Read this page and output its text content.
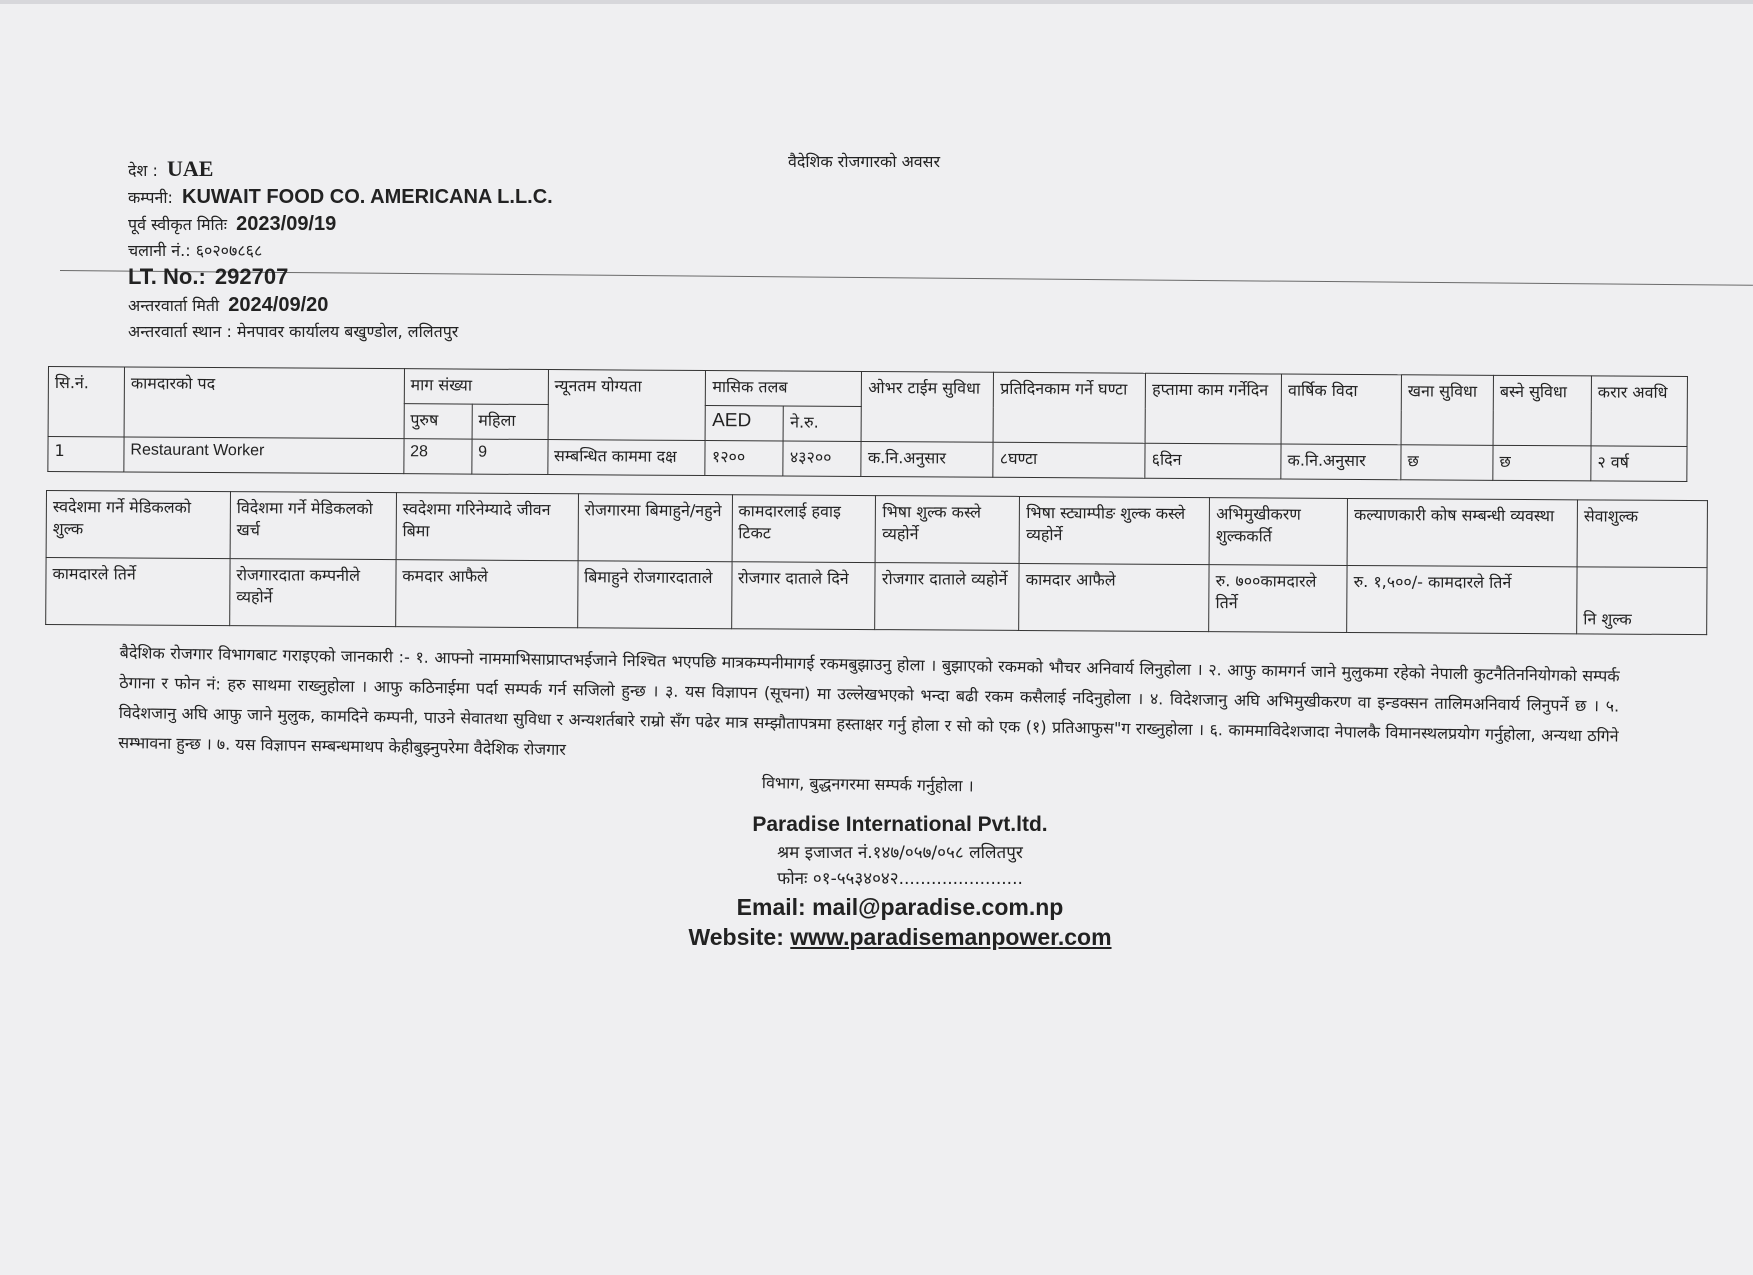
वैदेशिक रोजगारको अवसर
देश : UAE
कम्पनी: KUWAIT FOOD CO. AMERICANA L.L.C.
पूर्व स्वीकृत मितिः 2023/09/19
चलानी नं.: ६०२०७८६८
LT. No.: 292707
अन्तरवार्ता मिती 2024/09/20
अन्तरवार्ता स्थान : मेनपावर कार्यालय बखुण्डोल, ललितपुर
सि.नं.	कामदारको पद	माग संख्या		न्यूनतम योग्यता	मासिक तलब		ओभर टाईम सुविधा	प्रतिदिनकाम गर्ने घण्टा	हप्तामा काम गर्नेदिन	वार्षिक विदा	खना सुविधा	बस्ने सुविधा	करार अवधि
		पुरुष	महिला		AED	ने.रु.							
1	Restaurant Worker	28	9	सम्बन्धित काममा दक्ष	१२००	४३२००	क.नि.अनुसार	८घण्टा	६दिन	क.नि.अनुसार	छ	छ	२ वर्ष
स्वदेशमा गर्ने मेडिकलको शुल्क	विदेशमा गर्ने मेडिकलको खर्च	स्वदेशमा गरिनेम्यादे जीवन बिमा	रोजगारमा बिमाहुने/नहुने	कामदारलाई हवाइ टिकट	भिषा शुल्क कस्ले व्यहोर्ने	भिषा स्ट्याम्पीङ शुल्क कस्ले व्यहोर्ने	अभिमुखीकरण शुल्ककर्ति	कल्याणकारी कोष सम्बन्धी व्यवस्था	सेवाशुल्क
कामदारले तिर्ने	रोजगारदाता कम्पनीले व्यहोर्ने	कमदार आफैले	बिमाहुने रोजगारदाताले	रोजगार दाताले दिने	रोजगार दाताले व्यहोर्ने	कामदार आफैले	रु. ७००कामदारले तिर्ने	रु. १,५००/- कामदारले तिर्ने	नि शुल्क
बैदेशिक रोजगार विभागबाट गराइएको जानकारी :- १. आफ्नो नाममाभिसाप्राप्तभईजाने निश्चित भएपछि मात्रकम्पनीमागई रकमबुझाउनु होला । बुझाएको रकमको भौचर अनिवार्य लिनुहोला । २. आफु कामगर्न जाने मुलुकमा रहेको नेपाली कुटनैतिननियोगको सम्पर्क ठेगाना र फोन नं: हरु साथमा राख्नुहोला । आफु कठिनाईमा पर्दा सम्पर्क गर्न सजिलो हुन्छ । ३. यस विज्ञापन (सूचना) मा उल्लेखभएको भन्दा बढी रकम कसैलाई नदिनुहोला । ४. विदेशजानु अघि अभिमुखीकरण वा इन्डक्सन तालिमअनिवार्य लिनुपर्ने छ । ५. विदेशजानु अघि आफु जाने मुलुक, कामदिने कम्पनी, पाउने सेवातथा सुविधा र अन्यशर्तबारे राम्रो सँग पढेर मात्र सम्झौतापत्रमा हस्ताक्षर गर्नु होला र सो को एक (१) प्रतिआफुस"ग राख्नुहोला । ६. काममाविदेशजादा नेपालकै विमानस्थलप्रयोग गर्नुहोला, अन्यथा ठगिने सम्भावना हुन्छ । ७. यस विज्ञापन सम्बन्धमाथप केहीबुझ्नुपरेमा वैदेशिक रोजगार
विभाग, बुद्धनगरमा सम्पर्क गर्नुहोला ।
Paradise International Pvt.ltd.
श्रम इजाजत नं.१४७/०५७/०५८ ललितपुर
फोनः ०१-५५३४०४२.......................
Email: mail@paradise.com.np
Website: www.paradisemanpower.com
